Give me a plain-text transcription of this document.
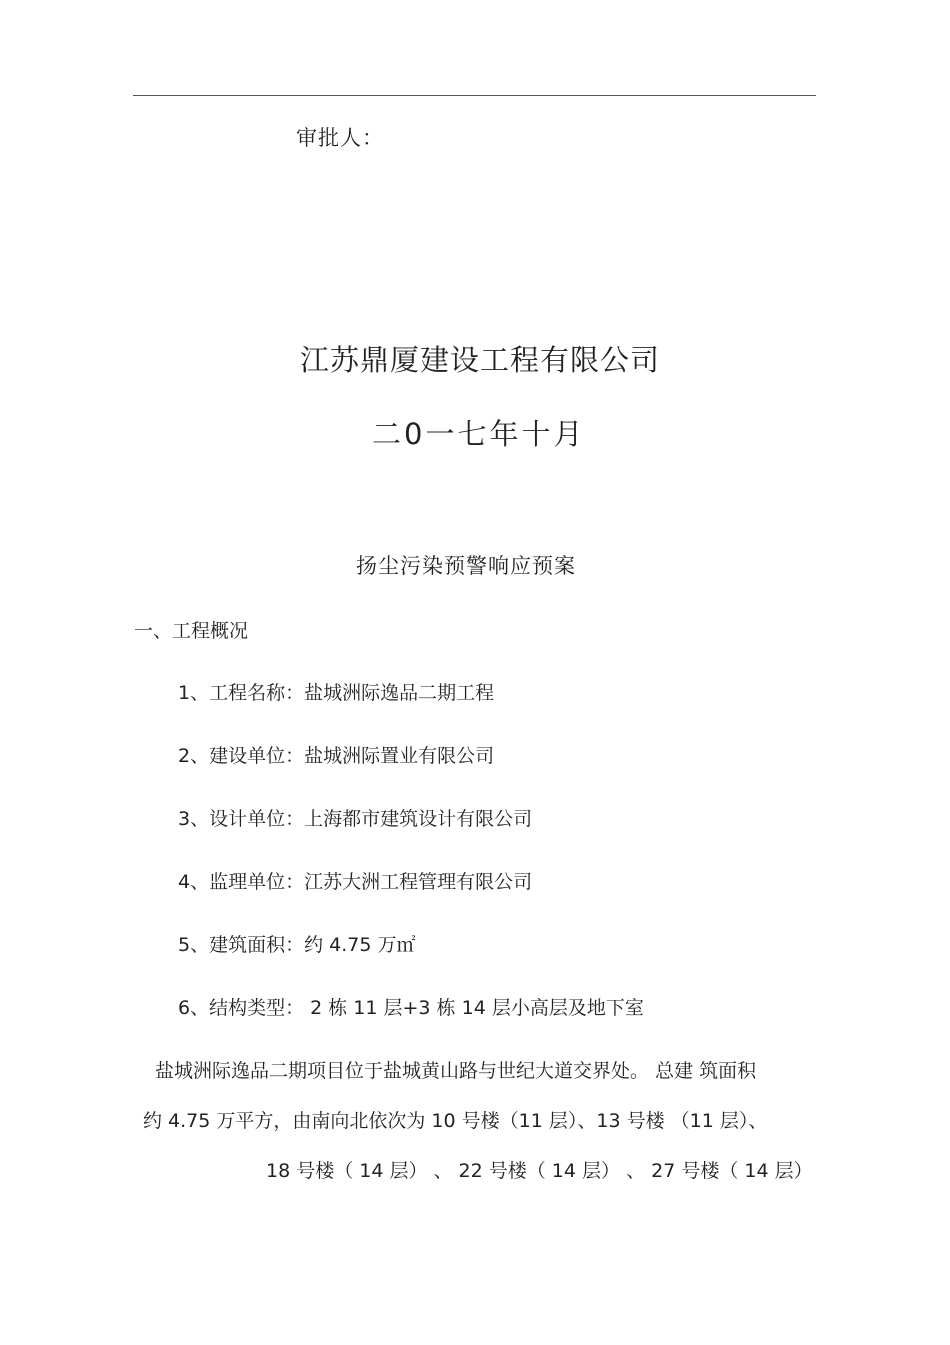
审批人：
江苏鼎厦建设工程有限公司
二0一七年十月
扬尘污染预警响应预案
一、工程概况
1、工程名称：盐城洲际逸品二期工程
2、建设单位：盐城洲际置业有限公司
3、设计单位：上海都市建筑设计有限公司
4、监理单位：江苏大洲工程管理有限公司
5、建筑面积：约 4.75 万㎡
6、结构类型： 2 栋 11 层+3 栋 14 层小高层及地下室
盐城洲际逸品二期项目位于盐城黄山路与世纪大道交界处。 总建 筑面积
约 4.75 万平方，由南向北依次为 10 号楼（11 层）、13 号楼 （11 层）、
18 号楼（ 14 层） 、 22 号楼（ 14 层） 、 27 号楼（ 14 层）
